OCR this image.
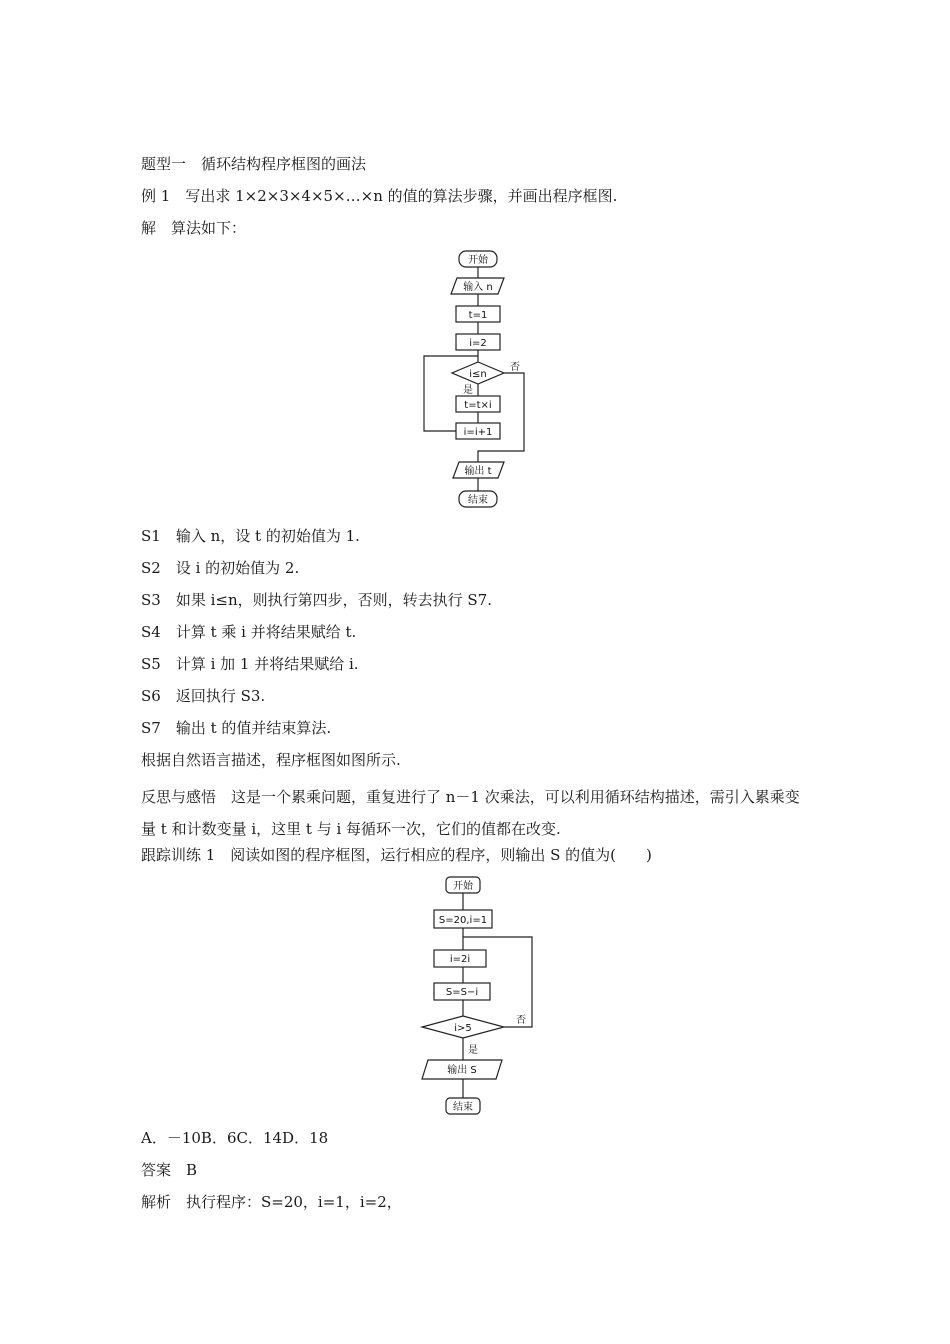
题型一　循环结构程序框图的画法
例 1　 写出求 1×2×3×4×5×…×n 的值的算法步骤，并画出程序框图.
解　算法如下：
开始
输入 n
t=1
i=2
i≤n
否
是
t=t×i
i=i+1
输出 t
结束
S1　输入 n，设 t 的初始值为 1.
S2　设 i 的初始值为 2.
S3　如果 i≤n，则执行第四步，否则，转去执行 S7.
S4　计算 t 乘 i 并将结果赋给 t.
S5　计算 i 加 1 并将结果赋给 i.
S6　返回执行 S3.
S7　输出 t 的值并结束算法.
根据自然语言描述，程序框图如图所示.
反思与感悟　这是一个累乘问题，重复进行了 n－1 次乘法，可以利用循环结构描述，需引入累乘变量 t 和计数变量 i，这里 t 与 i 每循环一次，它们的值都在改变.
跟踪训练 1　阅读如图的程序框图，运行相应的程序，则输出 S 的值为(　　)
开始
S=20,i=1
i=2i
S=S−i
i>5
否
是
输出 S
结束
A．－10B．6C．14D．18
答案　B
解析　执行程序：S=20，i=1，i=2，
